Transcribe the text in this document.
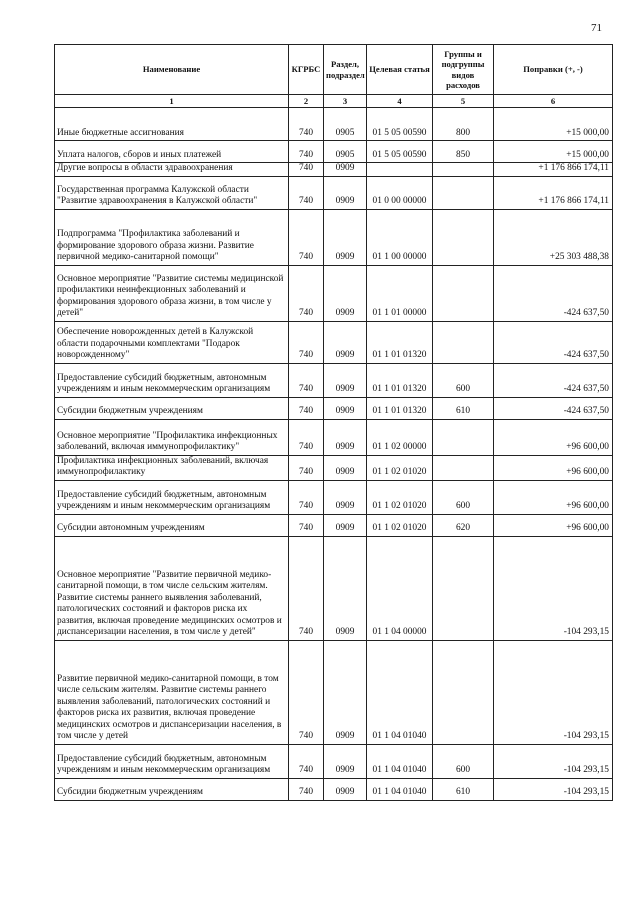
71
Наименование	КГРБС	Раздел, подраздел	Целевая статья	Группы и подгруппы видов расходов	Поправки (+, -)
1	2	3	4	5	6
Иные бюджетные ассигнования	740	0905	01 5 05 00590	800	+15 000,00
Уплата налогов, сборов и иных платежей	740	0905	01 5 05 00590	850	+15 000,00
Другие вопросы в области здравоохранения	740	0909			+1 176 866 174,11
Государственная программа Калужской области "Развитие здравоохранения в Калужской области"	740	0909	01 0 00 00000		+1 176 866 174,11
Подпрограмма "Профилактика заболеваний и формирование здорового образа жизни. Развитие первичной медико-санитарной помощи"	740	0909	01 1 00 00000		+25 303 488,38
Основное мероприятие "Развитие системы медицинской профилактики неинфекционных заболеваний и формирования здорового образа жизни, в том числе у детей"	740	0909	01 1 01 00000		-424 637,50
Обеспечение новорожденных детей в Калужской области подарочными комплектами "Подарок новорожденному"	740	0909	01 1 01 01320		-424 637,50
Предоставление субсидий бюджетным, автономным учреждениям и иным некоммерческим организациям	740	0909	01 1 01 01320	600	-424 637,50
Субсидии бюджетным учреждениям	740	0909	01 1 01 01320	610	-424 637,50
Основное мероприятие "Профилактика инфекционных заболеваний, включая иммунопрофилактику"	740	0909	01 1 02 00000		+96 600,00
Профилактика инфекционных заболеваний, включая иммунопрофилактику	740	0909	01 1 02 01020		+96 600,00
Предоставление субсидий бюджетным, автономным учреждениям и иным некоммерческим организациям	740	0909	01 1 02 01020	600	+96 600,00
Субсидии автономным учреждениям	740	0909	01 1 02 01020	620	+96 600,00
Основное мероприятие "Развитие первичной медико-санитарной помощи, в том числе сельским жителям. Развитие системы раннего выявления заболеваний, патологических состояний и факторов риска их развития, включая проведение медицинских осмотров и диспансеризации населения, в том числе у детей"	740	0909	01 1 04 00000		-104 293,15
Развитие первичной медико-санитарной помощи, в том числе сельским жителям. Развитие системы раннего выявления заболеваний, патологических состояний и факторов риска их развития, включая проведение медицинских осмотров и диспансеризации населения, в том числе у детей	740	0909	01 1 04 01040		-104 293,15
Предоставление субсидий бюджетным, автономным учреждениям и иным некоммерческим организациям	740	0909	01 1 04 01040	600	-104 293,15
Субсидии бюджетным учреждениям	740	0909	01 1 04 01040	610	-104 293,15
